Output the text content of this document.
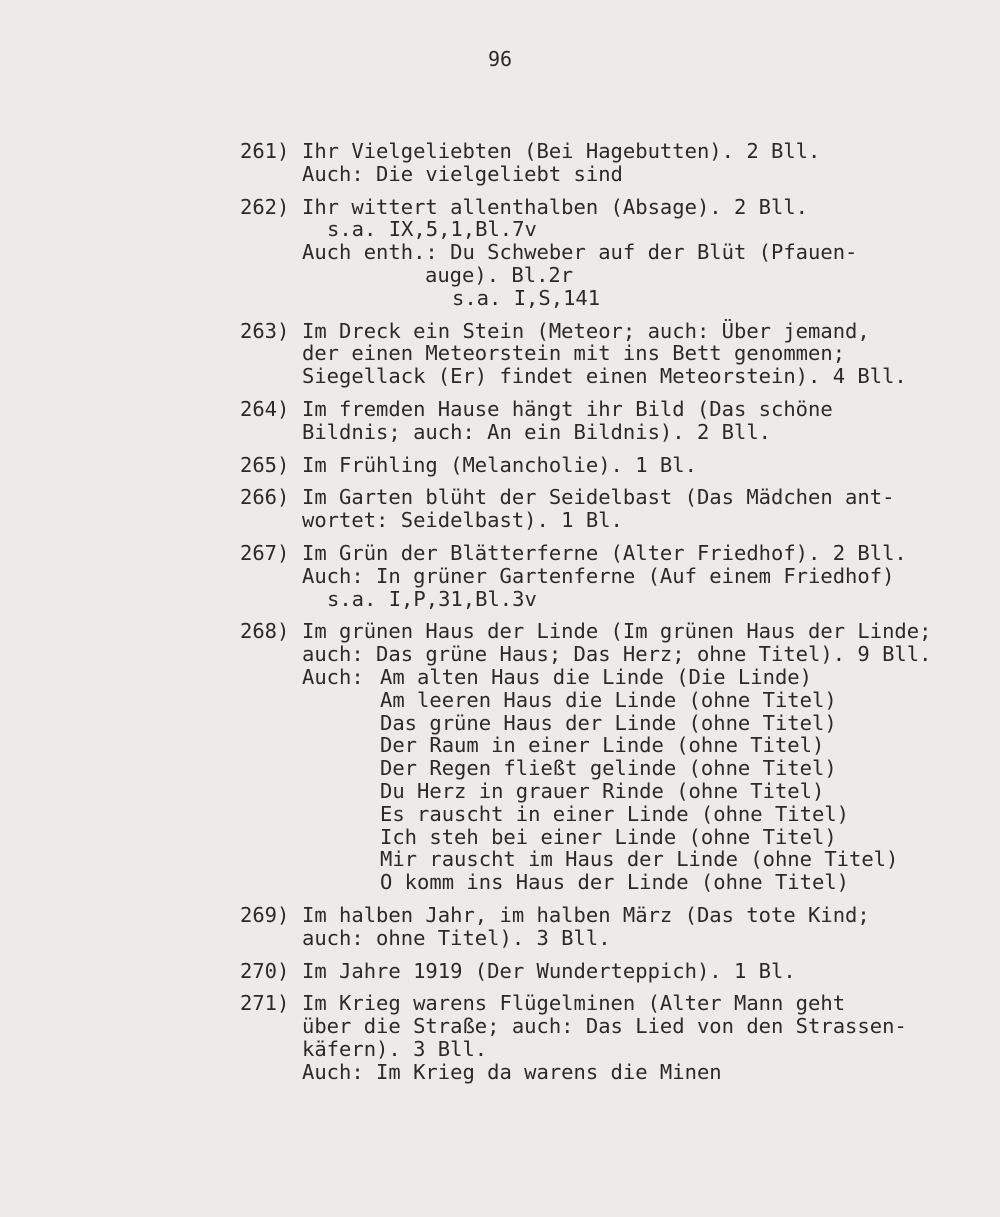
96
261) Ihr Vielgeliebten (Bei Hagebutten). 2 Bll.
Auch: Die vielgeliebt sind
262) Ihr wittert allenthalben (Absage). 2 Bll.
s.a. IX,5,1,Bl.7v
Auch enth.: Du Schweber auf der Blüt (Pfauen-
auge). Bl.2r
s.a. I,S,141
263) Im Dreck ein Stein (Meteor; auch: Über jemand,
der einen Meteorstein mit ins Bett genommen;
Siegellack (Er) findet einen Meteorstein). 4 Bll.
264) Im fremden Hause hängt ihr Bild (Das schöne
Bildnis; auch: An ein Bildnis). 2 Bll.
265) Im Frühling (Melancholie). 1 Bl.
266) Im Garten blüht der Seidelbast (Das Mädchen ant-
wortet: Seidelbast). 1 Bl.
267) Im Grün der Blätterferne (Alter Friedhof). 2 Bll.
Auch: In grüner Gartenferne (Auf einem Friedhof)
s.a. I,P,31,Bl.3v
268) Im grünen Haus der Linde (Im grünen Haus der Linde;
auch: Das grüne Haus; Das Herz; ohne Titel). 9 Bll.
Auch: Am alten Haus die Linde (Die Linde)
Am leeren Haus die Linde (ohne Titel)
Das grüne Haus der Linde (ohne Titel)
Der Raum in einer Linde (ohne Titel)
Der Regen fließt gelinde (ohne Titel)
Du Herz in grauer Rinde (ohne Titel)
Es rauscht in einer Linde (ohne Titel)
Ich steh bei einer Linde (ohne Titel)
Mir rauscht im Haus der Linde (ohne Titel)
O komm ins Haus der Linde (ohne Titel)
269) Im halben Jahr, im halben März (Das tote Kind;
auch: ohne Titel). 3 Bll.
270) Im Jahre 1919 (Der Wunderteppich). 1 Bl.
271) Im Krieg warens Flügelminen (Alter Mann geht
über die Straße; auch: Das Lied von den Strassen-
käfern). 3 Bll.
Auch: Im Krieg da warens die Minen
